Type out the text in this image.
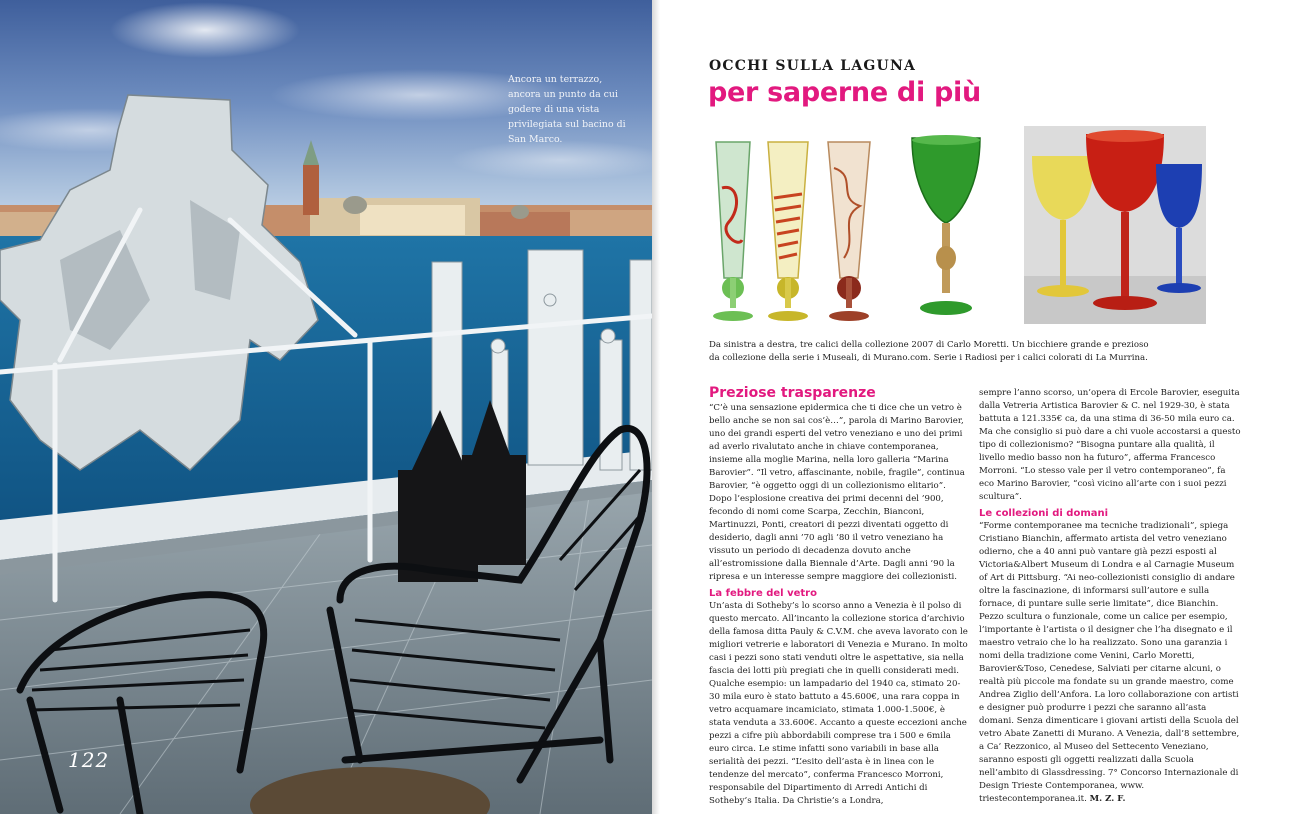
Ancora un terrazzo, ancora un punto da cui godere di una vista privilegiata sul bacino di San Marco.
122
OCCHI SULLA LAGUNA
per saperne di più
Da sinistra a destra, tre calici della collezione 2007 di Carlo Moretti. Un bicchiere grande e prezioso da collezione della serie i Museali, di Murano.com. Serie i Radiosi per i calici colorati di La Murrina.
Preziose trasparenze

“C’è una sensazione epidermica che ti dice che un vetro è bello anche se non sai cos’è…”, parola di Marino Barovier, uno dei grandi esperti del vetro veneziano e uno dei primi ad averlo rivalutato anche in chiave contemporanea, insieme alla moglie Marina, nella loro galleria “Marina Barovier”. “Il vetro, affascinante, nobile, fragile”, continua Barovier, “è oggetto oggi di un collezionismo elitario”. Dopo l’esplosione creativa dei primi decenni del ’900, fecondo di nomi come Scarpa, Zecchin, Bianconi, Martinuzzi, Ponti, creatori di pezzi diventati oggetto di desiderio, dagli anni ’70 agli ’80 il vetro veneziano ha vissuto un periodo di decadenza dovuto anche all’estromissione dalla Biennale d’Arte. Dagli anni ’90 la ripresa e un interesse sempre maggiore dei collezionisti.

La febbre del vetro

Un’asta di Sotheby’s lo scorso anno a Venezia è il polso di questo mercato. All’incanto la collezione storica d’archivio della famosa ditta Pauly & C.V.M. che aveva lavorato con le migliori vetrerie e laboratori di Venezia e Murano. In molto casi i pezzi sono stati venduti oltre le aspettative, sia nella fascia dei lotti più pregiati che in quelli considerati medi. Qualche esempio: un lampadario del 1940 ca, stimato 20-30 mila euro è stato battuto a 45.600€, una rara coppa in vetro acquamare incamiciato, stimata 1.000-1.500€, è stata venduta a 33.600€. Accanto a queste eccezioni anche pezzi a cifre più abbordabili comprese tra i 500 e 6mila euro circa. Le stime infatti sono variabili in base alla serialità dei pezzi. “L’esito dell’asta è in linea con le tendenze del mercato”, conferma Francesco Morroni, responsabile del Dipartimento di Arredi Antichi di Sotheby’s Italia. Da Christie’s a Londra,

sempre l’anno scorso, un’opera di Ercole Barovier, eseguita dalla Vetreria Artistica Barovier & C. nel 1929-30, è stata battuta a 121.335€ ca, da una stima di 36-50 mila euro ca. Ma che consiglio si può dare a chi vuole accostarsi a questo tipo di collezionismo? “Bisogna puntare alla qualità, il livello medio basso non ha futuro”, afferma Francesco Morroni. “Lo stesso vale per il vetro contemporaneo”, fa eco Marino Barovier, “così vicino all’arte con i suoi pezzi scultura”.

Le collezioni di domani

“Forme contemporanee ma tecniche tradizionali”, spiega Cristiano Bianchin, affermato artista del vetro veneziano odierno, che a 40 anni può vantare già pezzi esposti al Victoria&Albert Museum di Londra e al Carnagie Museum of Art di Pittsburg. “Ai neo-collezionisti consiglio di andare oltre la fascinazione, di informarsi sull’autore e sulla fornace, di puntare sulle serie limitate”, dice Bianchin. Pezzo scultura o funzionale, come un calice per esempio, l’importante è l’artista o il designer che l’ha disegnato e il maestro vetraio che lo ha realizzato. Sono una garanzia i nomi della tradizione come Venini, Carlo Moretti, Barovier&Toso, Cenedese, Salviati per citarne alcuni, o realtà più piccole ma fondate su un grande maestro, come Andrea Ziglio dell’Anfora. La loro collaborazione con artisti e designer può produrre i pezzi che saranno all’asta domani. Senza dimenticare i giovani artisti della Scuola del vetro Abate Zanetti di Murano. A Venezia, dall’8 settembre, a Ca’ Rezzonico, al Museo del Settecento Veneziano, saranno esposti gli oggetti realizzati dalla Scuola nell’ambito di Glassdressing. 7° Concorso Internazionale di Design Trieste Contemporanea, www. triestecontemporanea.it. M. Z. F.
